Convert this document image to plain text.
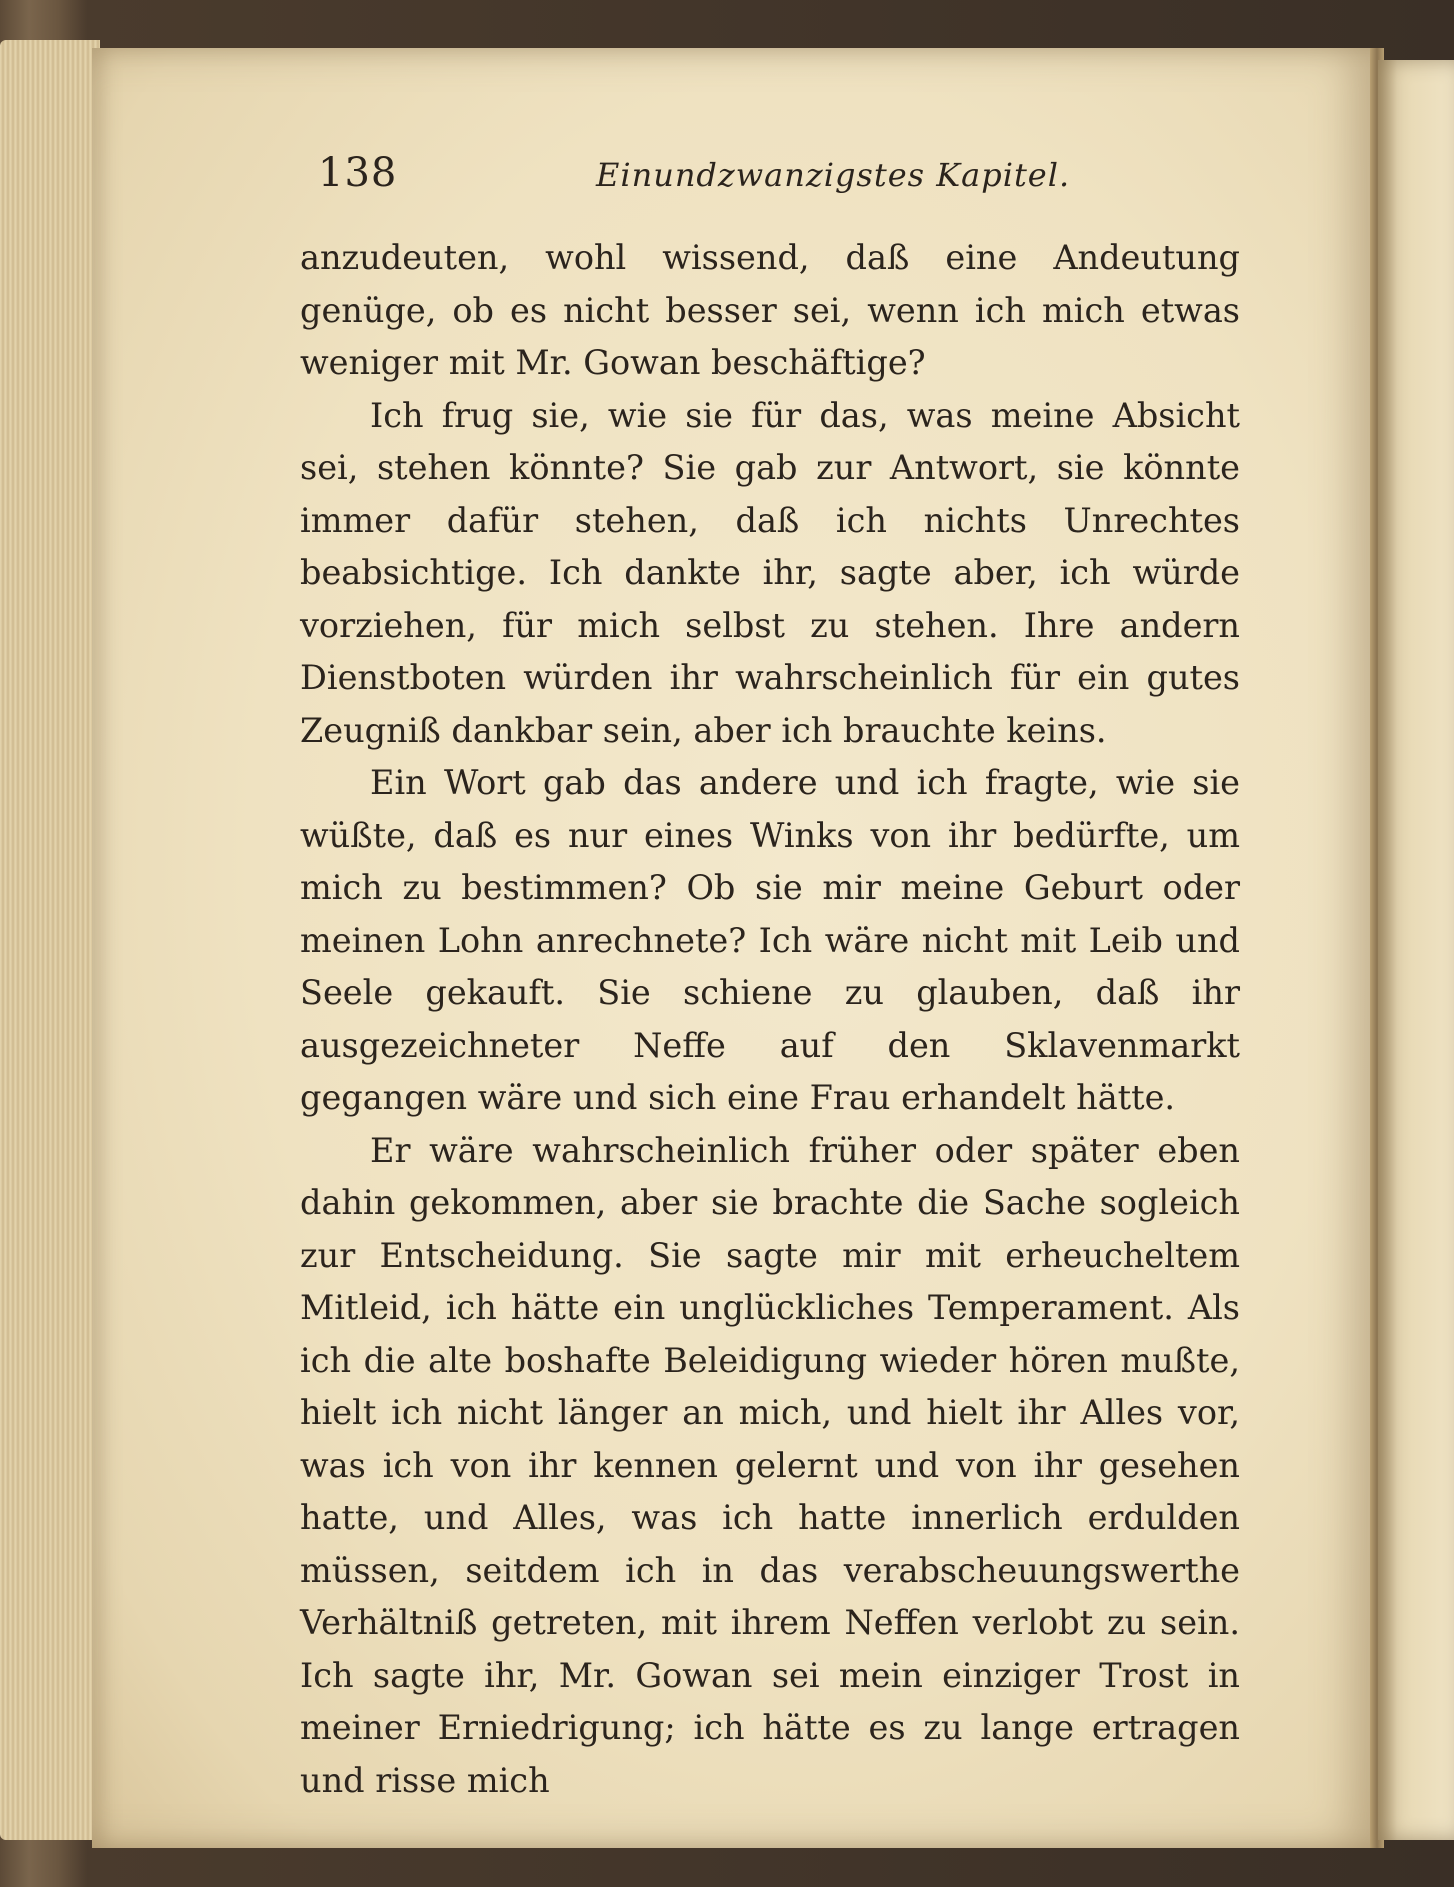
138	Einundzwanzigstes Kapitel.

anzudeuten, wohl wissend, daß eine Andeutung genüge, ob es nicht besser sei, wenn ich mich etwas weniger mit Mr. Gowan beschäftige?

Ich frug sie, wie sie für das, was meine Absicht sei, stehen könnte? Sie gab zur Antwort, sie könnte immer dafür stehen, daß ich nichts Unrechtes beabsichtige. Ich dankte ihr, sagte aber, ich würde vorziehen, für mich selbst zu stehen. Ihre andern Dienstboten würden ihr wahrscheinlich für ein gutes Zeugniß dankbar sein, aber ich brauchte keins.

Ein Wort gab das andere und ich fragte, wie sie wüßte, daß es nur eines Winks von ihr bedürfte, um mich zu bestimmen? Ob sie mir meine Geburt oder meinen Lohn anrechnete? Ich wäre nicht mit Leib und Seele gekauft. Sie schiene zu glauben, daß ihr ausgezeichneter Neffe auf den Sklavenmarkt gegangen wäre und sich eine Frau erhandelt hätte.

Er wäre wahrscheinlich früher oder später eben dahin gekommen, aber sie brachte die Sache sogleich zur Entscheidung. Sie sagte mir mit erheucheltem Mitleid, ich hätte ein unglückliches Temperament. Als ich die alte boshafte Beleidigung wieder hören mußte, hielt ich nicht länger an mich, und hielt ihr Alles vor, was ich von ihr kennen gelernt und von ihr gesehen hatte, und Alles, was ich hatte innerlich erdulden müssen, seitdem ich in das verabscheuungswerthe Verhältniß getreten, mit ihrem Neffen verlobt zu sein. Ich sagte ihr, Mr. Gowan sei mein einziger Trost in meiner Erniedrigung; ich hätte es zu lange ertragen und risse mich
